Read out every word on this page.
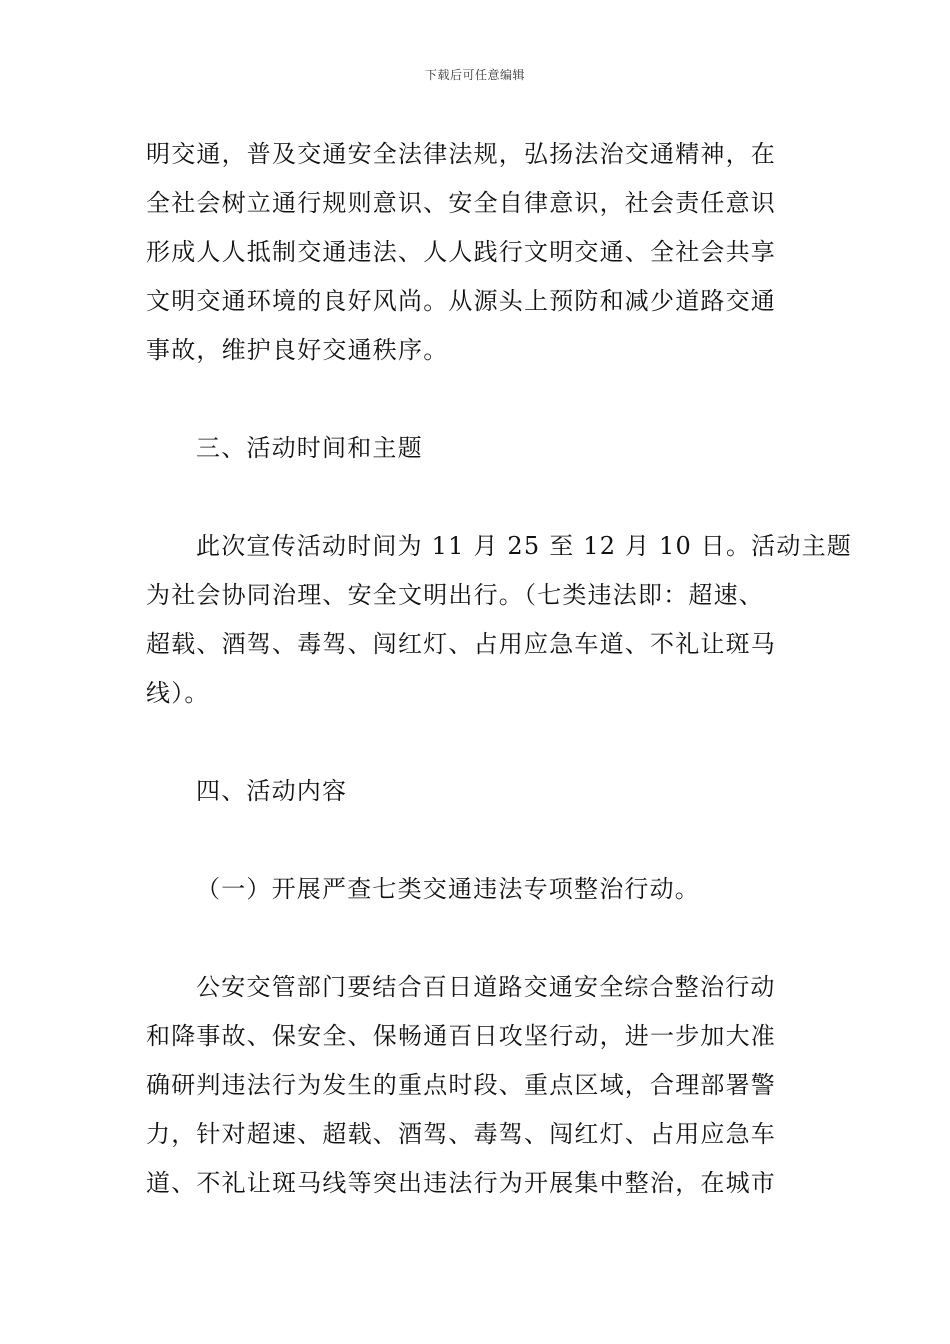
下载后可任意编辑
明交通，普及交通安全法律法规，弘扬法治交通精神，在
全社会树立通行规则意识、安全自律意识，社会责任意识
形成人人抵制交通违法、人人践行文明交通、全社会共享
文明交通环境的良好风尚。从源头上预防和减少道路交通
事故，维护良好交通秩序。
三、活动时间和主题
此次宣传活动时间为 11 月 25 至 12 月 10 日。活动主题
为社会协同治理、安全文明出行。（七类违法即：超速、
超载、酒驾、毒驾、闯红灯、占用应急车道、不礼让斑马
线）。
四、活动内容
（一）开展严查七类交通违法专项整治行动。
公安交管部门要结合百日道路交通安全综合整治行动
和降事故、保安全、保畅通百日攻坚行动，进一步加大准
确研判违法行为发生的重点时段、重点区域，合理部署警
力，针对超速、超载、酒驾、毒驾、闯红灯、占用应急车
道、不礼让斑马线等突出违法行为开展集中整治，在城市
